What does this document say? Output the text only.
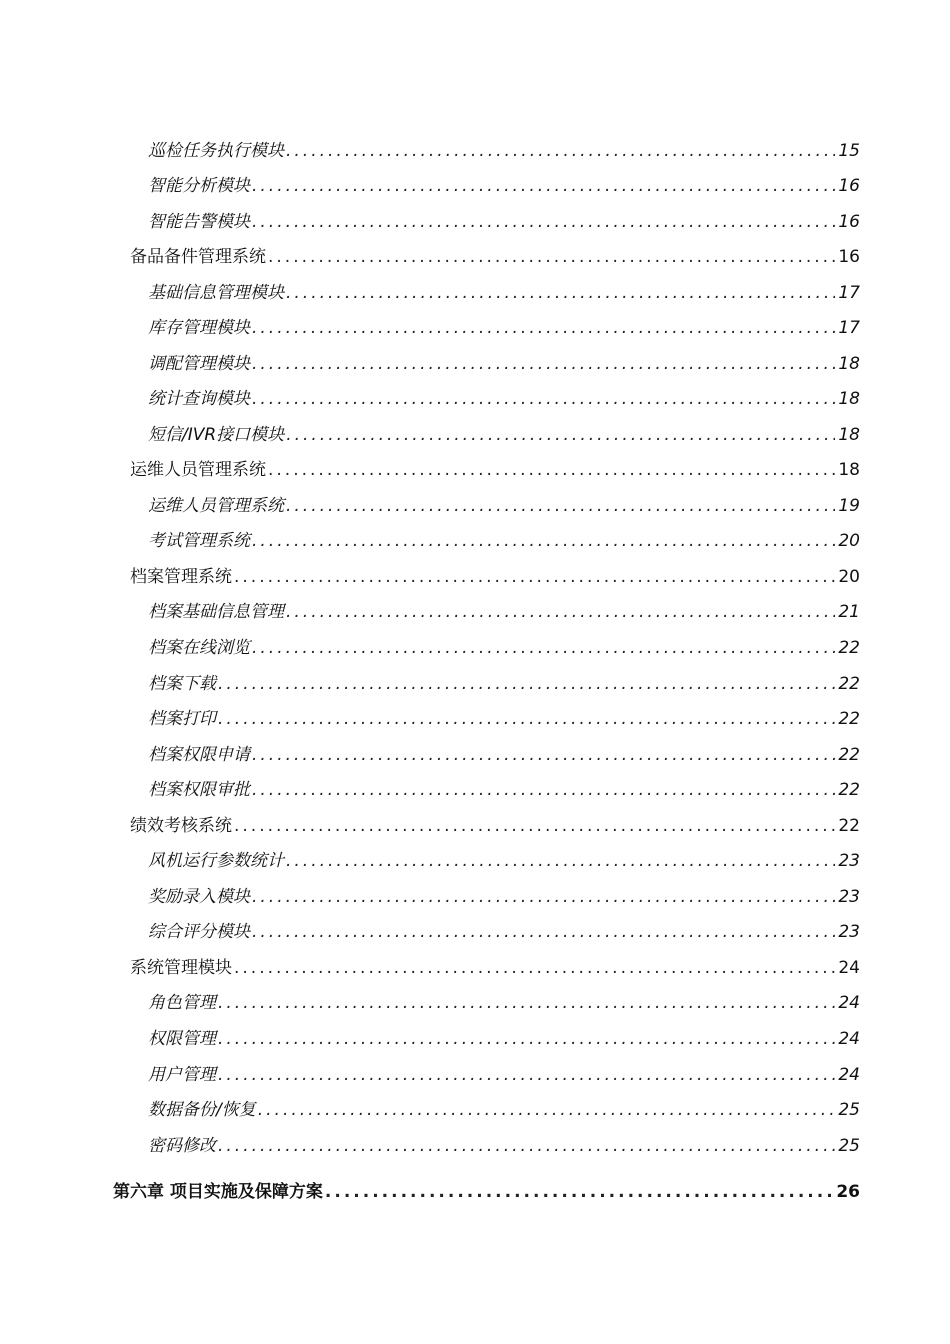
巡检任务执行模块 .....	15
智能分析模块 .....	16
智能告警模块 .....	16
备品备件管理系统 .....	16
基础信息管理模块 .....	17
库存管理模块 .....	17
调配管理模块 .....	18
统计查询模块 .....	18
短信/IVR接口模块 .....	18
运维人员管理系统 .....	18
运维人员管理系统 .....	19
考试管理系统 .....	20
档案管理系统 .....	20
档案基础信息管理 .....	21
档案在线浏览 .....	22
档案下载 .....	22
档案打印 .....	22
档案权限申请 .....	22
档案权限审批 .....	22
绩效考核系统 .....	22
风机运行参数统计 .....	23
奖励录入模块 .....	23
综合评分模块 .....	23
系统管理模块 .....	24
角色管理 .....	24
权限管理 .....	24
用户管理 .....	24
数据备份/恢复 .....	25
密码修改 .....	25
第六章 项目实施及保障方案 .....	26
